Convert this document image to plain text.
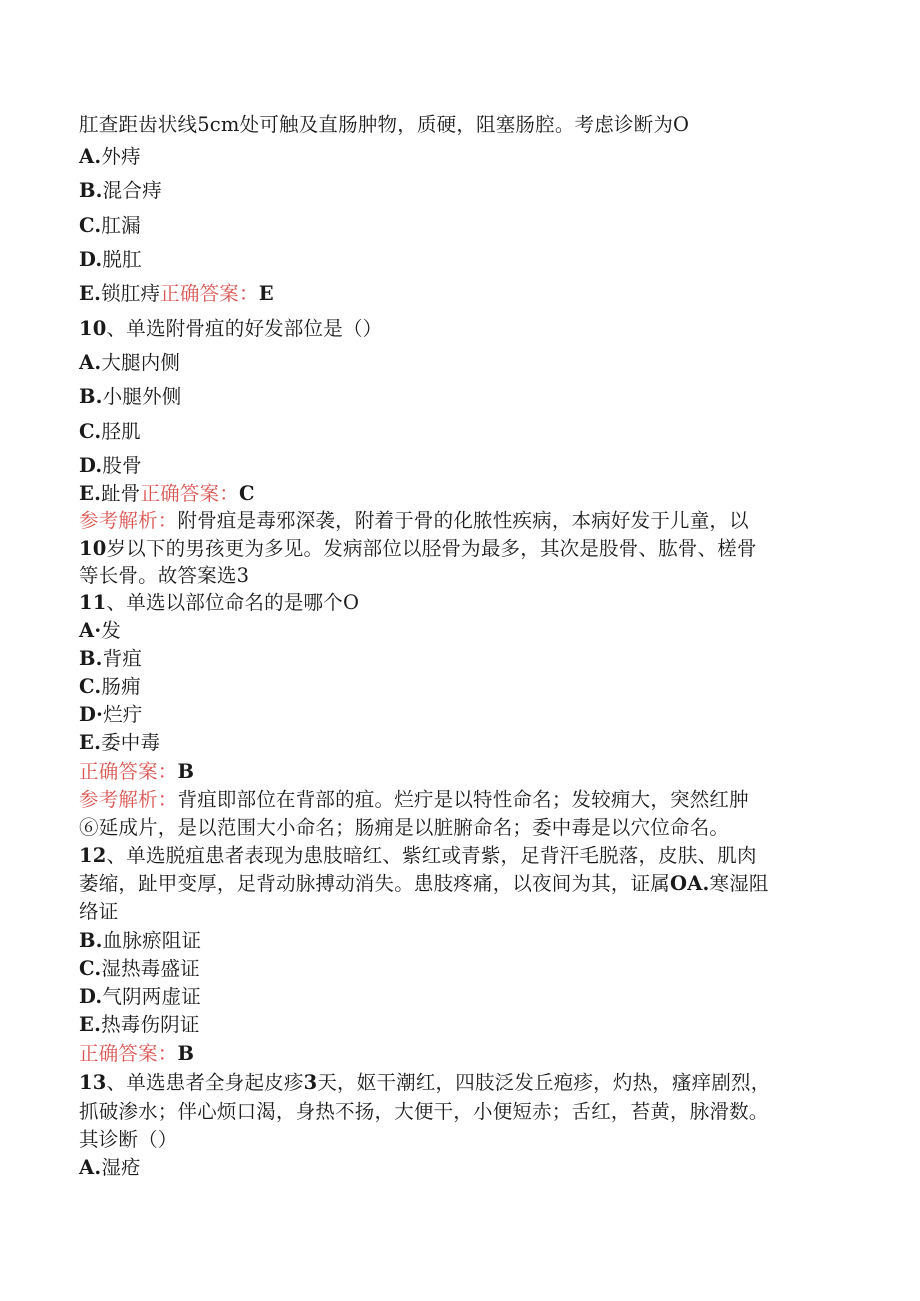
肛查距齿状线5cm处可触及直肠肿物，质硬，阻塞肠腔。考虑诊断为O
A.外痔
B.混合痔
C.肛漏
D.脱肛
E.锁肛痔正确答案：E
10、单选附骨疽的好发部位是（）
A.大腿内侧
B.小腿外侧
C.胫肌
D.股骨
E.趾骨正确答案：C
参考解析：附骨疽是毒邪深袭，附着于骨的化脓性疾病，本病好发于儿童，以
10岁以下的男孩更为多见。发病部位以胫骨为最多，其次是股骨、肱骨、槎骨
等长骨。故答案选3
11、单选以部位命名的是哪个O
A·发
B.背疽
C.肠痈
D·烂疔
E.委中毒
正确答案：B
参考解析：背疽即部位在背部的疽。烂疔是以特性命名；发较痈大，突然红肿
⑥延成片，是以范围大小命名；肠痈是以脏腑命名；委中毒是以穴位命名。
12、单选脱疽患者表现为患肢暗红、紫红或青紫，足背汗毛脱落，皮肤、肌肉
萎缩，趾甲变厚，足背动脉搏动消失。患肢疼痛，以夜间为其，证属OA.寒湿阻
络证
B.血脉瘀阻证
C.湿热毒盛证
D.气阴两虚证
E.热毒伤阴证
正确答案：B
13、单选患者全身起皮疹3天，妪干潮红，四肢泛发丘疱疹，灼热，瘙痒剧烈，
抓破渗水；伴心烦口渴，身热不扬，大便干，小便短赤；舌红，苔黄，脉滑数。
其诊断（）
A.湿疮
